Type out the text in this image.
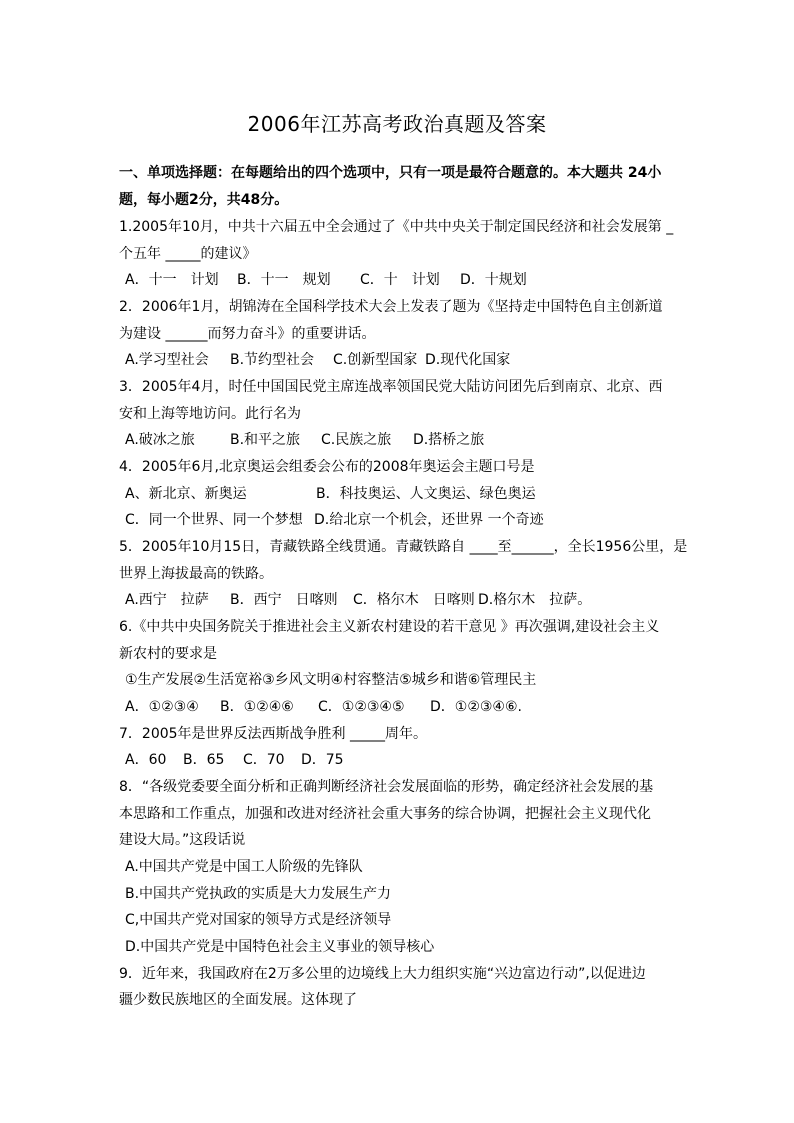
2006年江苏高考政治真题及答案
一、单项选择题：在每题给出的四个选项中，只有一项是最符合题意的。本大题共 24小
题，每小题2分，共48分。
1.2005年10月，中共十六届五中全会通过了《中共中央关于制定国民经济和社会发展第 _
个五年 _____的建议》
A．十一　计划 B．十一　规划 C．十　计划 D．十规划
2．2006年1月，胡锦涛在全国科学技术大会上发表了题为《坚持走中国特色自主创新道
为建设 ______而努力奋斗》的重要讲话。
A.学习型社会 B.节约型社会 C.创新型国家 D.现代化国家
3．2005年4月，时任中国国民党主席连战率领国民党大陆访问团先后到南京、北京、西
安和上海等地访问。此行名为
A.破冰之旅	B.和平之旅 C.民族之旅 D.搭桥之旅
4．2005年6月,北京奥运会组委会公布的2008年奥运会主题口号是
A、新北京、新奥运	B．科技奥运、人文奥运、绿色奥运
C．同一个世界、同一个梦想 D.给北京一个机会，还世界 一个奇迹
5．2005年10月15日，青藏铁路全线贯通。青藏铁路自 ____至______，全长1956公里，是
世界上海拔最高的铁路。
A.西宁　拉萨 B．西宁　日喀则 C．格尔木　日喀则 D.格尔木　拉萨。
6.《中共中央国务院关于推进社会主义新农村建设的若干意见 》再次强调,建设社会主义
新农村的要求是
①生产发展②生活宽裕③乡风文明④村容整洁⑤城乡和谐⑥管理民主
A．①②③④ B．①②④⑥ C．①②③④⑤ D．①②③④⑥.
7．2005年是世界反法西斯战争胜利 _____周年。
A．60 B．65 C．70 D．75
8．“各级党委要全面分析和正确判断经济社会发展面临的形势，确定经济社会发展的基
本思路和工作重点，加强和改进对经济社会重大事务的综合协调，把握社会主义现代化
建设大局。”这段话说
A.中国共产党是中国工人阶级的先锋队
B.中国共产党执政的实质是大力发展生产力
C,中国共产党对国家的领导方式是经济领导
D.中国共产党是中国特色社会主义事业的领导核心
9．近年来，我国政府在2万多公里的边境线上大力组织实施“兴边富边行动”,以促进边
疆少数民族地区的全面发展。这体现了
